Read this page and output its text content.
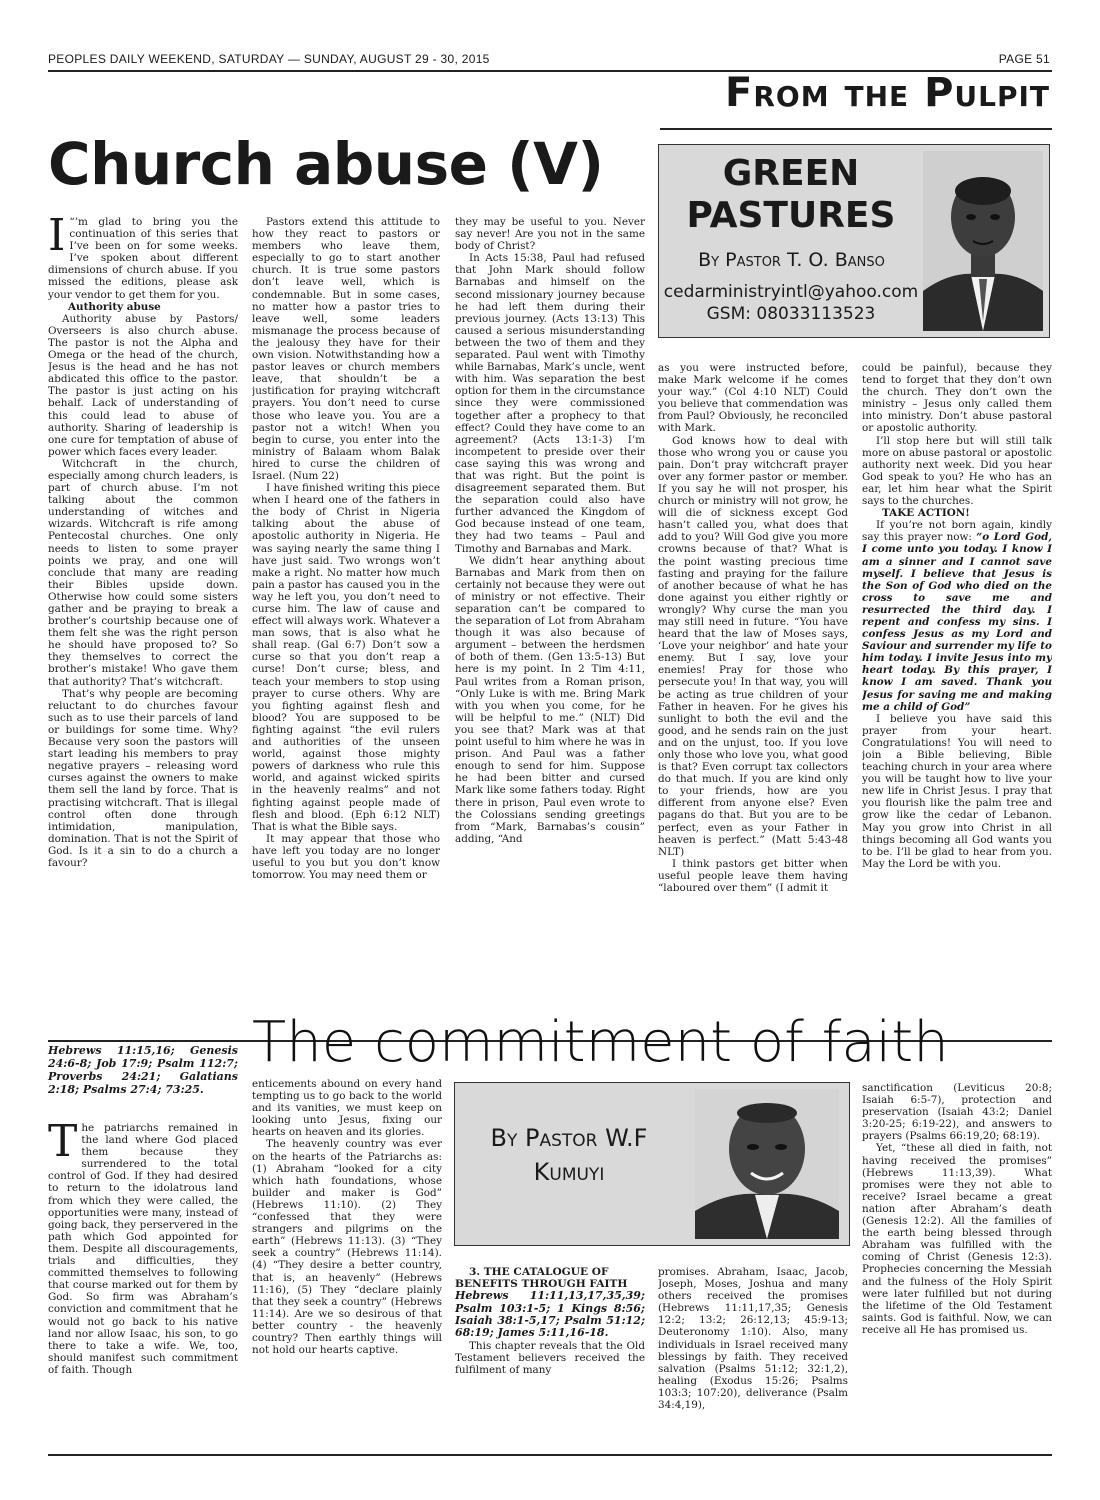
PEOPLES DAILY WEEKEND, SATURDAY — SUNDAY, AUGUST 29 - 30, 2015	PAGE 51
From the Pulpit
Church abuse (V)	GREEN
PASTURES
By Pastor T. O. Banso
cedarministryintl@yahoo.com
GSM: 08033113523

“
I ’m glad to bring you the continuation of this series that I’ve been on for some weeks. I’ve spoken about different dimensions of church abuse. If you missed the editions, please ask your vendor to get them for you.

Authority abuse

Authority abuse by Pastors/ Overseers is also church abuse. The pastor is not the Alpha and Omega or the head of the church, Jesus is the head and he has not abdicated this office to the pastor. The pastor is just acting on his behalf. Lack of understanding of this could lead to abuse of authority. Sharing of leadership is one cure for temptation of abuse of power which faces every leader.

Witchcraft in the church, especially among church leaders, is part of church abuse. I’m not talking about the common understanding of witches and wizards. Witchcraft is rife among Pentecostal churches. One only needs to listen to some prayer points we pray, and one will conclude that many are reading their Bibles upside down. Otherwise how could some sisters gather and be praying to break a brother’s courtship because one of them felt she was the right person he should have proposed to? So they themselves to correct the brother’s mistake! Who gave them that authority? That’s witchcraft.

That’s why people are becoming reluctant to do churches favour such as to use their parcels of land or buildings for some time. Why? Because very soon the pastors will start leading his members to pray negative prayers – releasing word curses against the owners to make them sell the land by force. That is practising witchcraft. That is illegal control often done through intimidation, manipulation, domination. That is not the Spirit of God. Is it a sin to do a church a favour?

Pastors extend this attitude to how they react to pastors or members who leave them, especially to go to start another church. It is true some pastors don’t leave well, which is condemnable. But in some cases, no matter how a pastor tries to leave well, some leaders mismanage the process because of the jealousy they have for their own vision. Notwithstanding how a pastor leaves or church members leave, that shouldn’t be a justification for praying witchcraft prayers. You don’t need to curse those who leave you. You are a pastor not a witch! When you begin to curse, you enter into the ministry of Balaam whom Balak hired to curse the children of Israel. (Num 22)

I have finished writing this piece when I heard one of the fathers in the body of Christ in Nigeria talking about the abuse of apostolic authority in Nigeria. He was saying nearly the same thing I have just said. Two wrongs won’t make a right. No matter how much pain a pastor has caused you in the way he left you, you don’t need to curse him. The law of cause and effect will always work. Whatever a man sows, that is also what he shall reap. (Gal 6:7) Don’t sow a curse so that you don’t reap a curse! Don’t curse; bless, and teach your members to stop using prayer to curse others. Why are you fighting against flesh and blood? You are supposed to be fighting against “the evil rulers and authorities of the unseen world, against those mighty powers of darkness who rule this world, and against wicked spirits in the heavenly realms” and not fighting against people made of flesh and blood. (Eph 6:12 NLT) That is what the Bible says.

It may appear that those who have left you today are no longer useful to you but you don’t know tomorrow. You may need them or

they may be useful to you. Never say never! Are you not in the same body of Christ?

In Acts 15:38, Paul had refused that John Mark should follow Barnabas and himself on the second missionary journey because he had left them during their previous journey. (Acts 13:13) This caused a serious misunderstanding between the two of them and they separated. Paul went with Timothy while Barnabas, Mark’s uncle, went with him. Was separation the best option for them in the circumstance since they were commissioned together after a prophecy to that effect? Could they have come to an agreement? (Acts 13:1-3) I’m incompetent to preside over their case saying this was wrong and that was right. But the point is disagreement separated them. But the separation could also have further advanced the Kingdom of God because instead of one team, they had two teams – Paul and Timothy and Barnabas and Mark.

We didn’t hear anything about Barnabas and Mark from then on certainly not because they were out of ministry or not effective. Their separation can’t be compared to the separation of Lot from Abraham though it was also because of argument – between the herdsmen of both of them. (Gen 13:5-13) But here is my point. In 2 Tim 4:11, Paul writes from a Roman prison, “Only Luke is with me. Bring Mark with you when you come, for he will be helpful to me.” (NLT) Did you see that? Mark was at that point useful to him where he was in prison. And Paul was a father enough to send for him. Suppose he had been bitter and cursed Mark like some fathers today. Right there in prison, Paul even wrote to the Colossians sending greetings from “Mark, Barnabas’s cousin” adding, “And

as you were instructed before, make Mark welcome if he comes your way.” (Col 4:10 NLT) Could you believe that commendation was from Paul? Obviously, he reconciled with Mark.

God knows how to deal with those who wrong you or cause you pain. Don’t pray witchcraft prayer over any former pastor or member. If you say he will not prosper, his church or ministry will not grow, he will die of sickness except God hasn’t called you, what does that add to you? Will God give you more crowns because of that? What is the point wasting precious time fasting and praying for the failure of another because of what he has done against you either rightly or wrongly? Why curse the man you may still need in future. “You have heard that the law of Moses says, ‘Love your neighbor’ and hate your enemy. But I say, love your enemies! Pray for those who persecute you! In that way, you will be acting as true children of your Father in heaven. For he gives his sunlight to both the evil and the good, and he sends rain on the just and on the unjust, too. If you love only those who love you, what good is that? Even corrupt tax collectors do that much. If you are kind only to your friends, how are you different from anyone else? Even pagans do that. But you are to be perfect, even as your Father in heaven is perfect.” (Matt 5:43-48 NLT)

I think pastors get bitter when useful people leave them having “laboured over them” (I admit it

could be painful), because they tend to forget that they don’t own the church. They don’t own the ministry – Jesus only called them into ministry. Don’t abuse pastoral or apostolic authority.

I’ll stop here but will still talk more on abuse pastoral or apostolic authority next week. Did you hear God speak to you? He who has an ear, let him hear what the Spirit says to the churches.

TAKE ACTION!

If you’re not born again, kindly say this prayer now: “o Lord God, I come unto you today. I know I am a sinner and I cannot save myself. I believe that Jesus is the Son of God who died on the cross to save me and resurrected the third day. I repent and confess my sins. I confess Jesus as my Lord and Saviour and surrender my life to him today. I invite Jesus into my heart today. By this prayer, I know I am saved. Thank you Jesus for saving me and making me a child of God”

I believe you have said this prayer from your heart. Congratulations! You will need to join a Bible believing, Bible teaching church in your area where you will be taught how to live your new life in Christ Jesus. I pray that you flourish like the palm tree and grow like the cedar of Lebanon. May you grow into Christ in all things becoming all God wants you to be. I’ll be glad to hear from you. May the Lord be with you.

Hebrews 11:15,16; Genesis 24:6-8; Job 17:9; Psalm 112:7; Proverbs 24:21; Galatians 2:18; Psalms 27:4; 73:25.
The commitment of faith

The patriarchs remained in the land where God placed them because they surrendered to the total control of God. If they had desired to return to the idolatrous land from which they were called, the opportunities were many, instead of going back, they perservered in the path which God appointed for them. Despite all discouragements, trials and difficulties, they committed themselves to following that course marked out for them by God. So firm was Abraham’s conviction and commitment that he would not go back to his native land nor allow Isaac, his son, to go there to take a wife. We, too, should manifest such commitment of faith. Though

enticements abound on every hand tempting us to go back to the world and its vanities, we must keep on looking unto Jesus, fixing our hearts on heaven and its glories.

The heavenly country was ever on the hearts of the Patriarchs as: (1) Abraham “looked for a city which hath foundations, whose builder and maker is God” (Hebrews 11:10). (2) They “confessed that they were strangers and pilgrims on the earth” (Hebrews 11:13). (3) “They seek a country” (Hebrews 11:14). (4) “They desire a better country, that is, an heavenly” (Hebrews 11:16), (5) They “declare plainly that they seek a country” (Hebrews 11:14). Are we so desirous of that better country - the heavenly country? Then earthly things will not hold our hearts captive.

By Pastor W.F
Kumuyi

3. THE CATALOGUE OF BENEFITS THROUGH FAITH

Hebrews 11:11,13,17,35,39; Psalm 103:1-5; 1 Kings 8:56; Isaiah 38:1-5,17; Psalm 51:12; 68:19; James 5:11,16-18.

This chapter reveals that the Old Testament believers received the fulfilment of many

promises. Abraham, Isaac, Jacob, Joseph, Moses, Joshua and many others received the promises (Hebrews 11:11,17,35; Genesis 12:2; 13:2; 26:12,13; 45:9-13; Deuteronomy 1:10). Also, many individuals in Israel received many blessings by faith. They received salvation (Psalms 51:12; 32:1,2), healing (Exodus 15:26; Psalms 103:3; 107:20), deliverance (Psalm 34:4,19),

sanctification (Leviticus 20:8; Isaiah 6:5-7), protection and preservation (Isaiah 43:2; Daniel 3:20-25; 6:19-22), and answers to prayers (Psalms 66:19,20; 68:19).

Yet, “these all died in faith, not having received the promises” (Hebrews 11:13,39). What promises were they not able to receive? Israel became a great nation after Abraham’s death (Genesis 12:2). All the families of the earth being blessed through Abraham was fulfilled with the coming of Christ (Genesis 12:3). Prophecies concerning the Messiah and the fulness of the Holy Spirit were later fulfilled but not during the lifetime of the Old Testament saints. God is faithful. Now, we can receive all He has promised us.
